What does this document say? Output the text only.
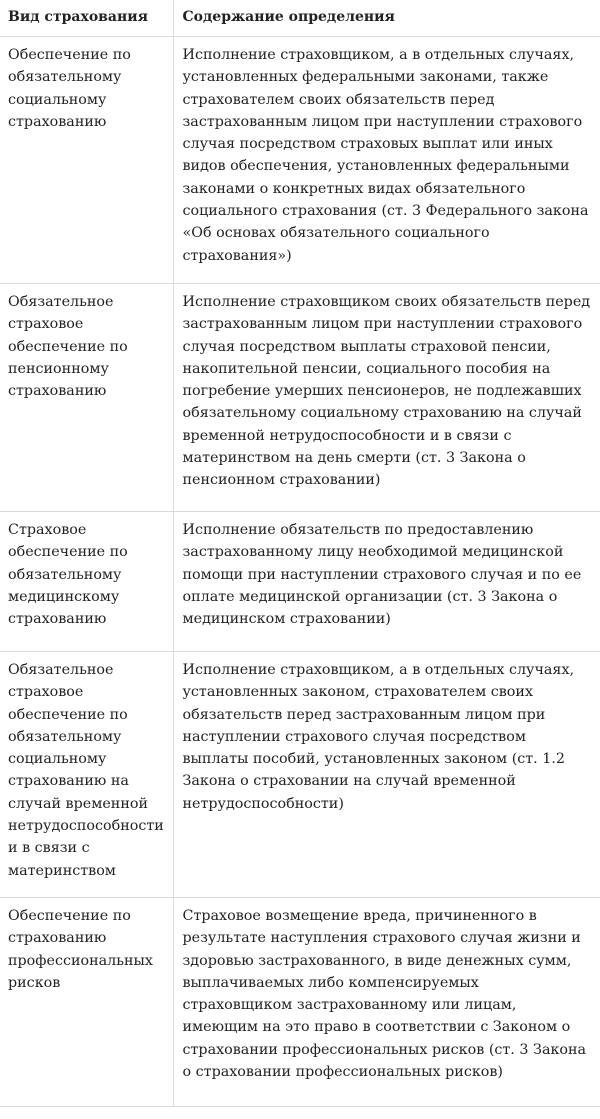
Вид страхования	Содержание определения
Обеспечение по обязательному социальному страхованию	Исполнение страховщиком, а в отдельных случаях, установленных федеральными законами, также страхователем своих обязательств перед застрахованным лицом при наступлении страхового случая посредством страховых выплат или иных видов обеспечения, установленных федеральными законами о конкретных видах обязательного социального страхования (ст. 3 Федерального закона «Об основах обязательного социального страхования»)
Обязательное страховое обеспечение по пенсионному страхованию	Исполнение страховщиком своих обязательств перед застрахованным лицом при наступлении страхового случая посредством выплаты страховой пенсии, накопительной пенсии, социального пособия на погребение умерших пенсионеров, не подлежавших обязательному социальному страхованию на случай временной нетрудоспособности и в связи с материнством на день смерти (ст. 3 Закона о пенсионном страховании)
Страховое обеспечение по обязательному медицинскому страхованию	Исполнение обязательств по предоставлению застрахованному лицу необходимой медицинской помощи при наступлении страхового случая и по ее оплате медицинской организации (ст. 3 Закона о медицинском страховании)
Обязательное страховое обеспечение по обязательному социальному страхованию на случай временной нетрудоспособности и в связи с материнством	Исполнение страховщиком, а в отдельных случаях, установленных законом, страхователем своих обязательств перед застрахованным лицом при наступлении страхового случая посредством выплаты пособий, установленных законом (ст. 1.2 Закона о страховании на случай временной нетрудоспособности)
Обеспечение по страхованию профессиональных рисков	Страховое возмещение вреда, причиненного в результате наступления страхового случая жизни и здоровью застрахованного, в виде денежных сумм, выплачиваемых либо компенсируемых страховщиком застрахованному или лицам, имеющим на это право в соответствии с Законом о страховании профессиональных рисков (ст. 3 Закона о страховании профессиональных рисков)
